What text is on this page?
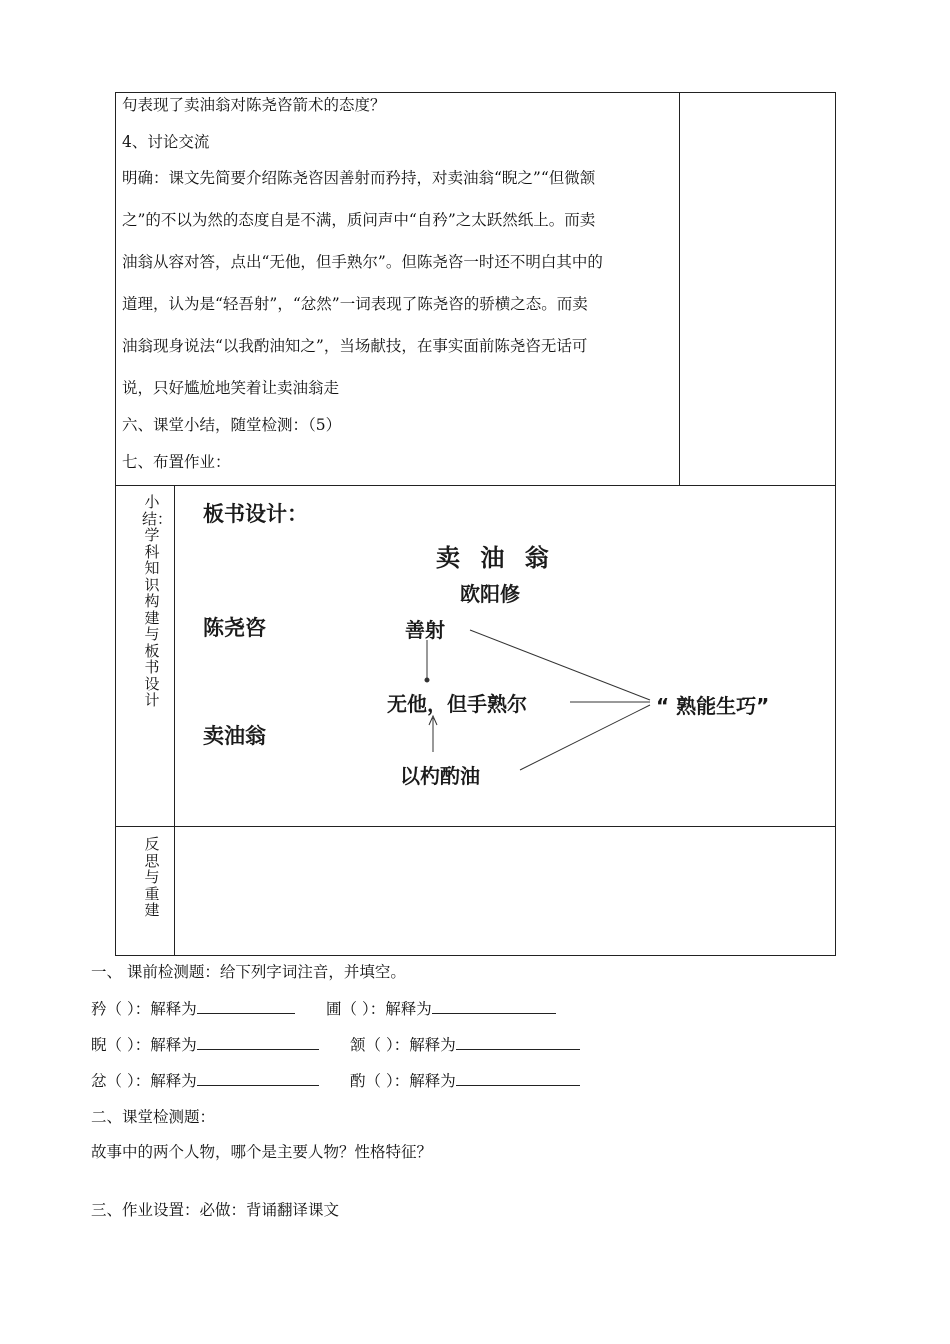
句表现了卖油翁对陈尧咨箭术的态度？
4、讨论交流
明确：课文先简要介绍陈尧咨因善射而矜持，对卖油翁“睨之”“但微颔
之”的不以为然的态度自是不满，质问声中“自矜”之太跃然纸上。而卖
油翁从容对答，点出“无他，但手熟尔”。但陈尧咨一时还不明白其中的
道理，认为是“轻吾射”，“忿然”一词表现了陈尧咨的骄横之态。而卖
油翁现身说法“以我酌油知之”，当场献技，在事实面前陈尧咨无话可
说，只好尴尬地笑着让卖油翁走
六、课堂小结，随堂检测：（5）
七、布置作业：
小结：学科知识构建与板书设计
板书设计：
卖 油 翁
欧阳修
陈尧咨
卖油翁
善射
无他，但手熟尔
以杓酌油
“ 熟能生巧”
反思与重建
一、 课前检测题：给下列字词注音，并填空。
矜（ ）：解释为	圃（ ）：解释为
睨（ ）：解释为	颔（ ）：解释为
忿（ ）：解释为	酌（ ）：解释为
二、课堂检测题：
故事中的两个人物，哪个是主要人物？性格特征？
三、作业设置：必做：背诵翻译课文
